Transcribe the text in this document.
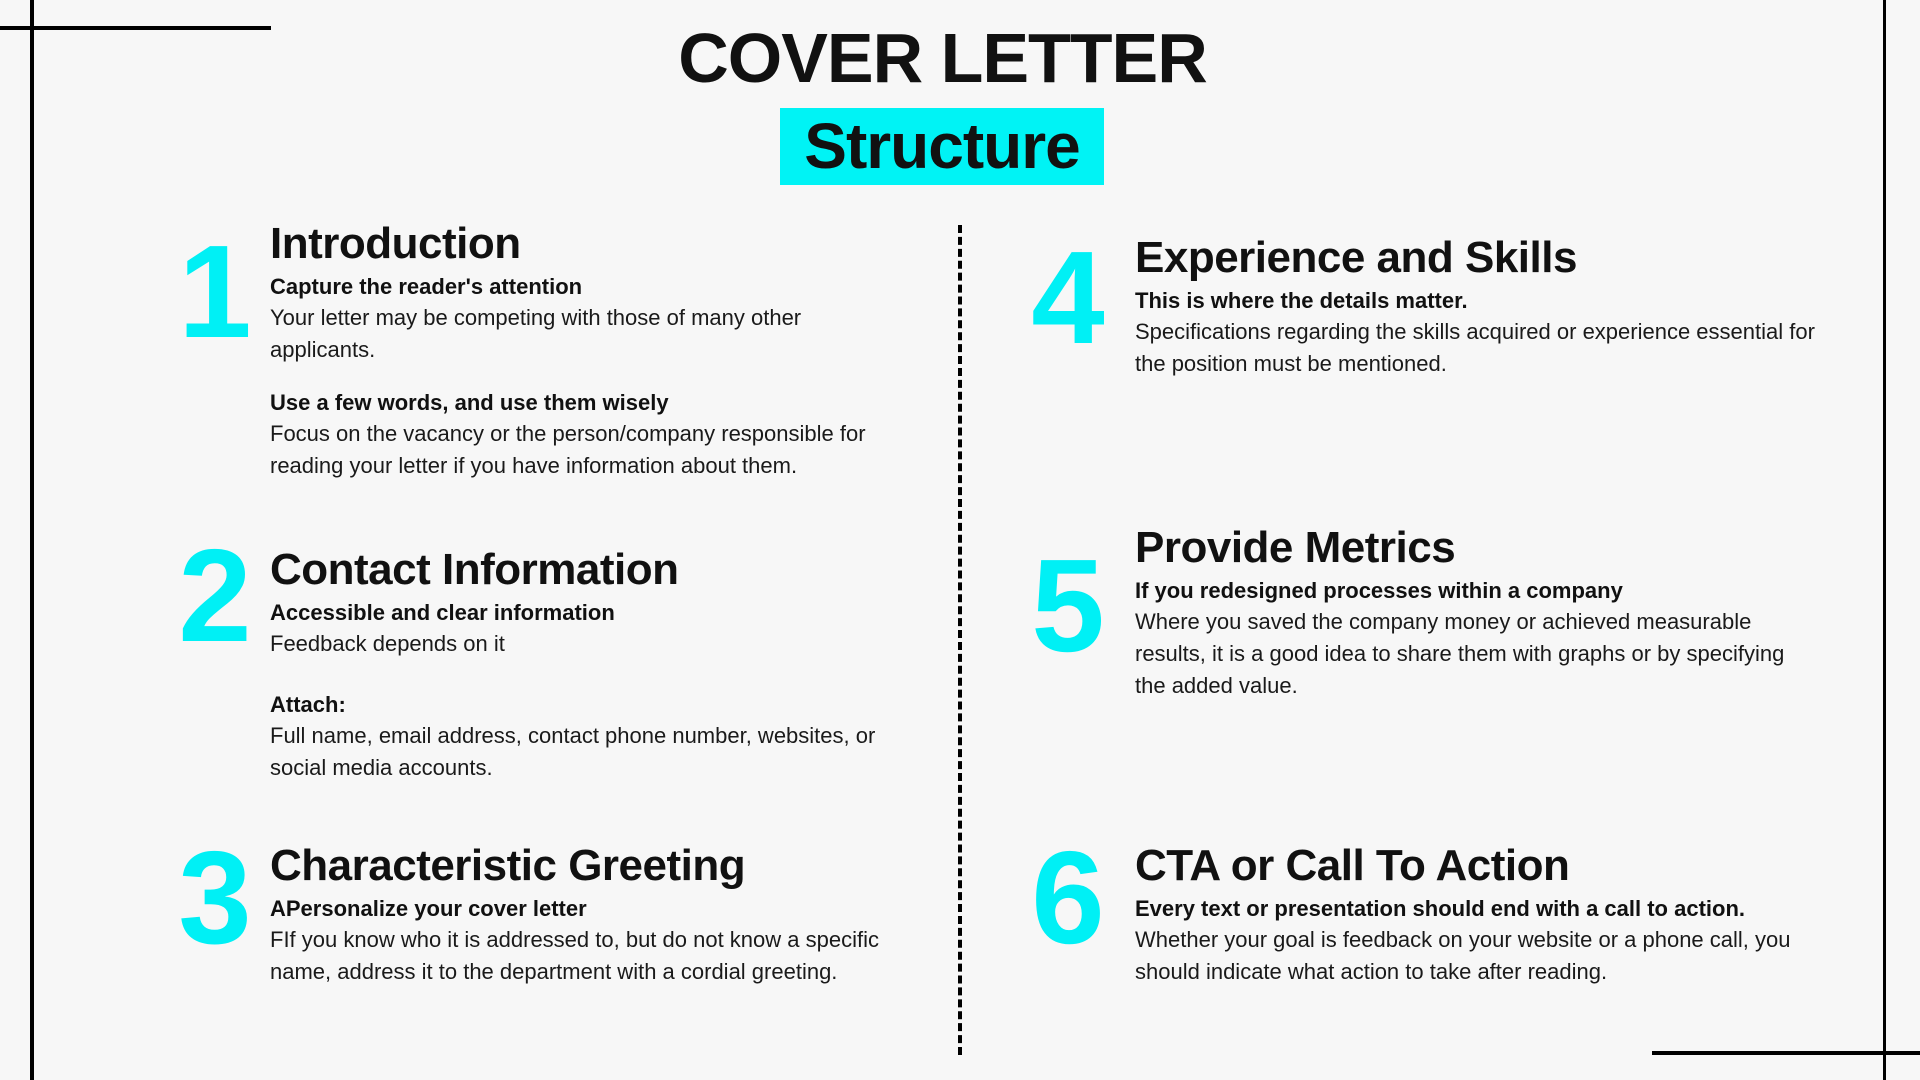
COVER LETTER
Structure
1 Introduction
Capture the reader's attention
Your letter may be competing with those of many other applicants.
Use a few words, and use them wisely
Focus on the vacancy or the person/company responsible for reading your letter if you have information about them.
2 Contact Information
Accessible and clear information
Feedback depends on it
Attach:
Full name, email address, contact phone number, websites, or social media accounts.
3 Characteristic Greeting
APersonalize your cover letter
FIf you know who it is addressed to, but do not know a specific name, address it to the department with a cordial greeting.
4 Experience and Skills
This is where the details matter.
Specifications regarding the skills acquired or experience essential for the position must be mentioned.
5 Provide Metrics
If you redesigned processes within a company
Where you saved the company money or achieved measurable results, it is a good idea to share them with graphs or by specifying the added value.
6 CTA or Call To Action
Every text or presentation should end with a call to action.
Whether your goal is feedback on your website or a phone call, you should indicate what action to take after reading.
